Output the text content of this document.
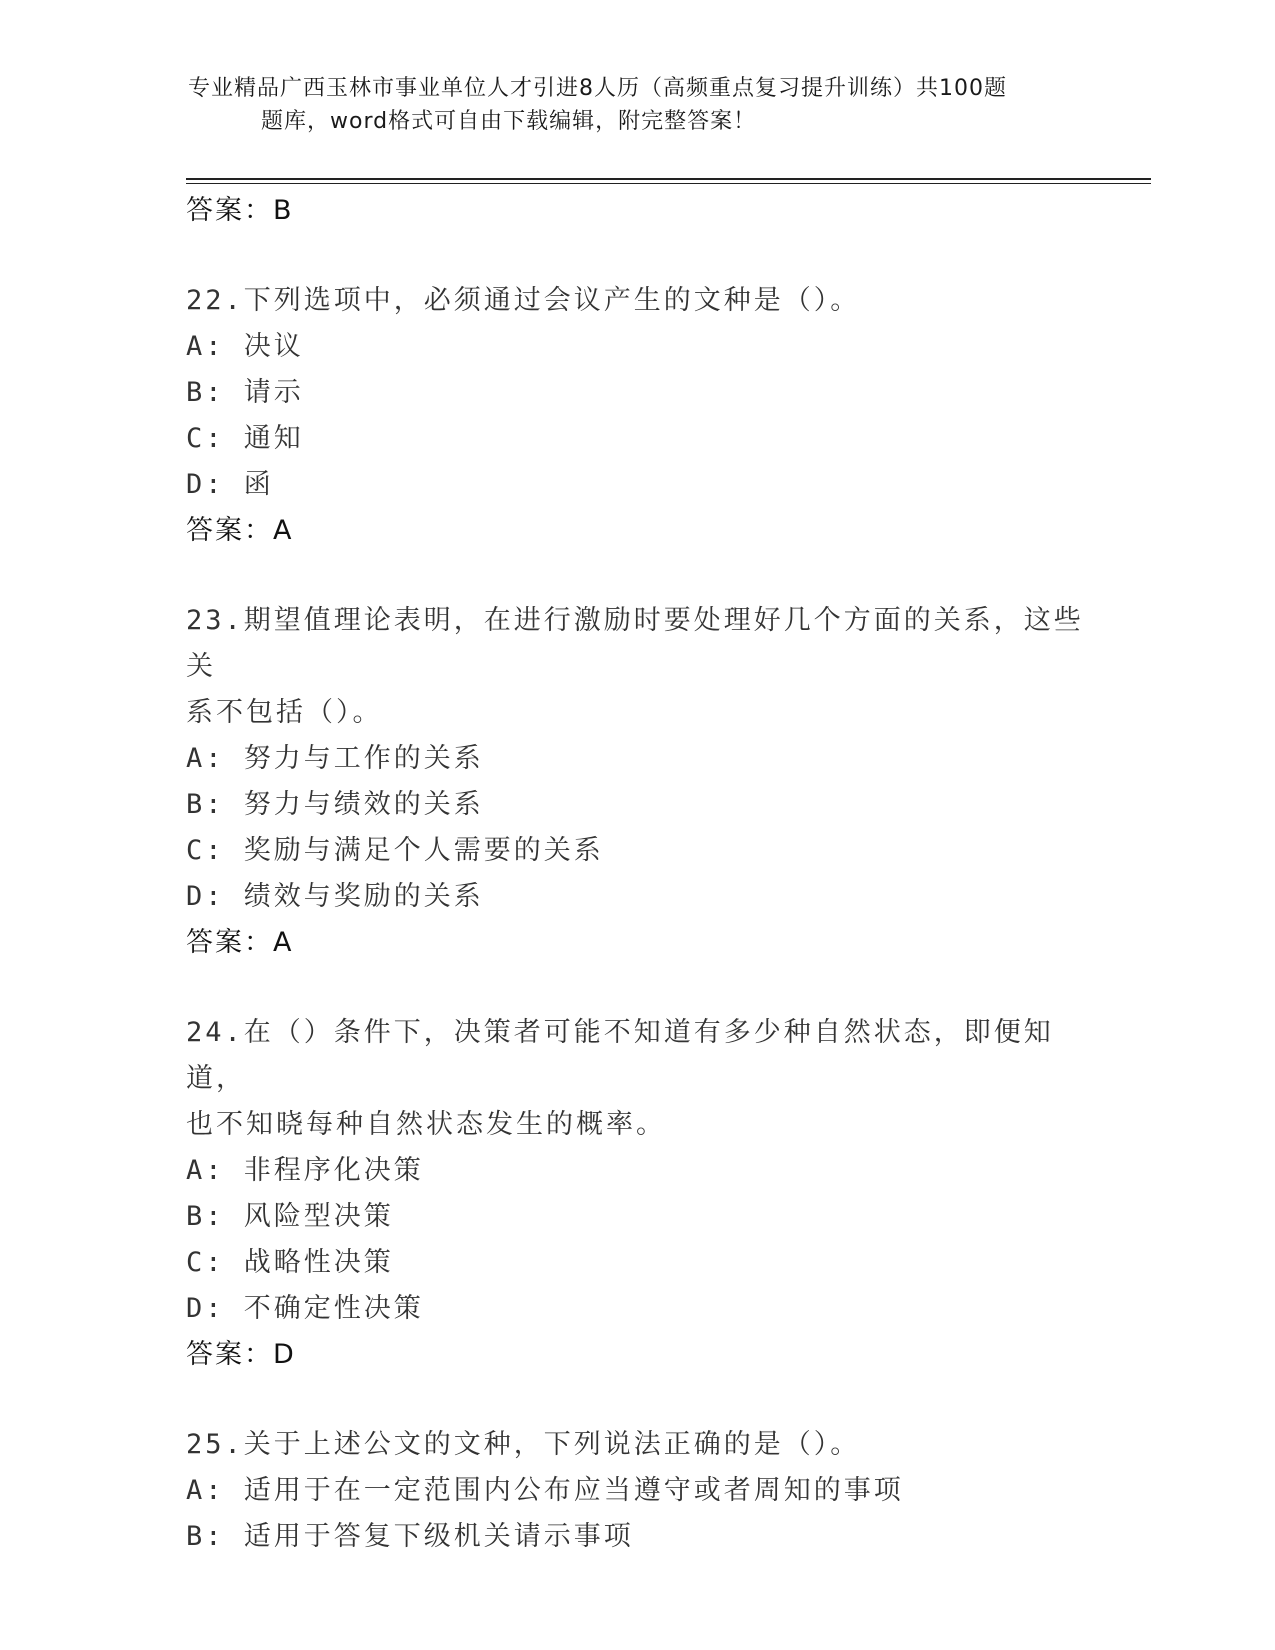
专业精品广西玉林市事业单位人才引进8人历（高频重点复习提升训练）共100题
题库，word格式可自由下载编辑，附完整答案！
答案：B
22.下列选项中，必须通过会议产生的文种是（）。
A: 决议
B: 请示
C: 通知
D: 函
答案：A
23.期望值理论表明，在进行激励时要处理好几个方面的关系，这些关
系不包括（）。
A: 努力与工作的关系
B: 努力与绩效的关系
C: 奖励与满足个人需要的关系
D: 绩效与奖励的关系
答案：A
24.在（）条件下，决策者可能不知道有多少种自然状态，即便知道，
也不知晓每种自然状态发生的概率。
A: 非程序化决策
B: 风险型决策
C: 战略性决策
D: 不确定性决策
答案：D
25.关于上述公文的文种，下列说法正确的是（）。
A: 适用于在一定范围内公布应当遵守或者周知的事项
B: 适用于答复下级机关请示事项
